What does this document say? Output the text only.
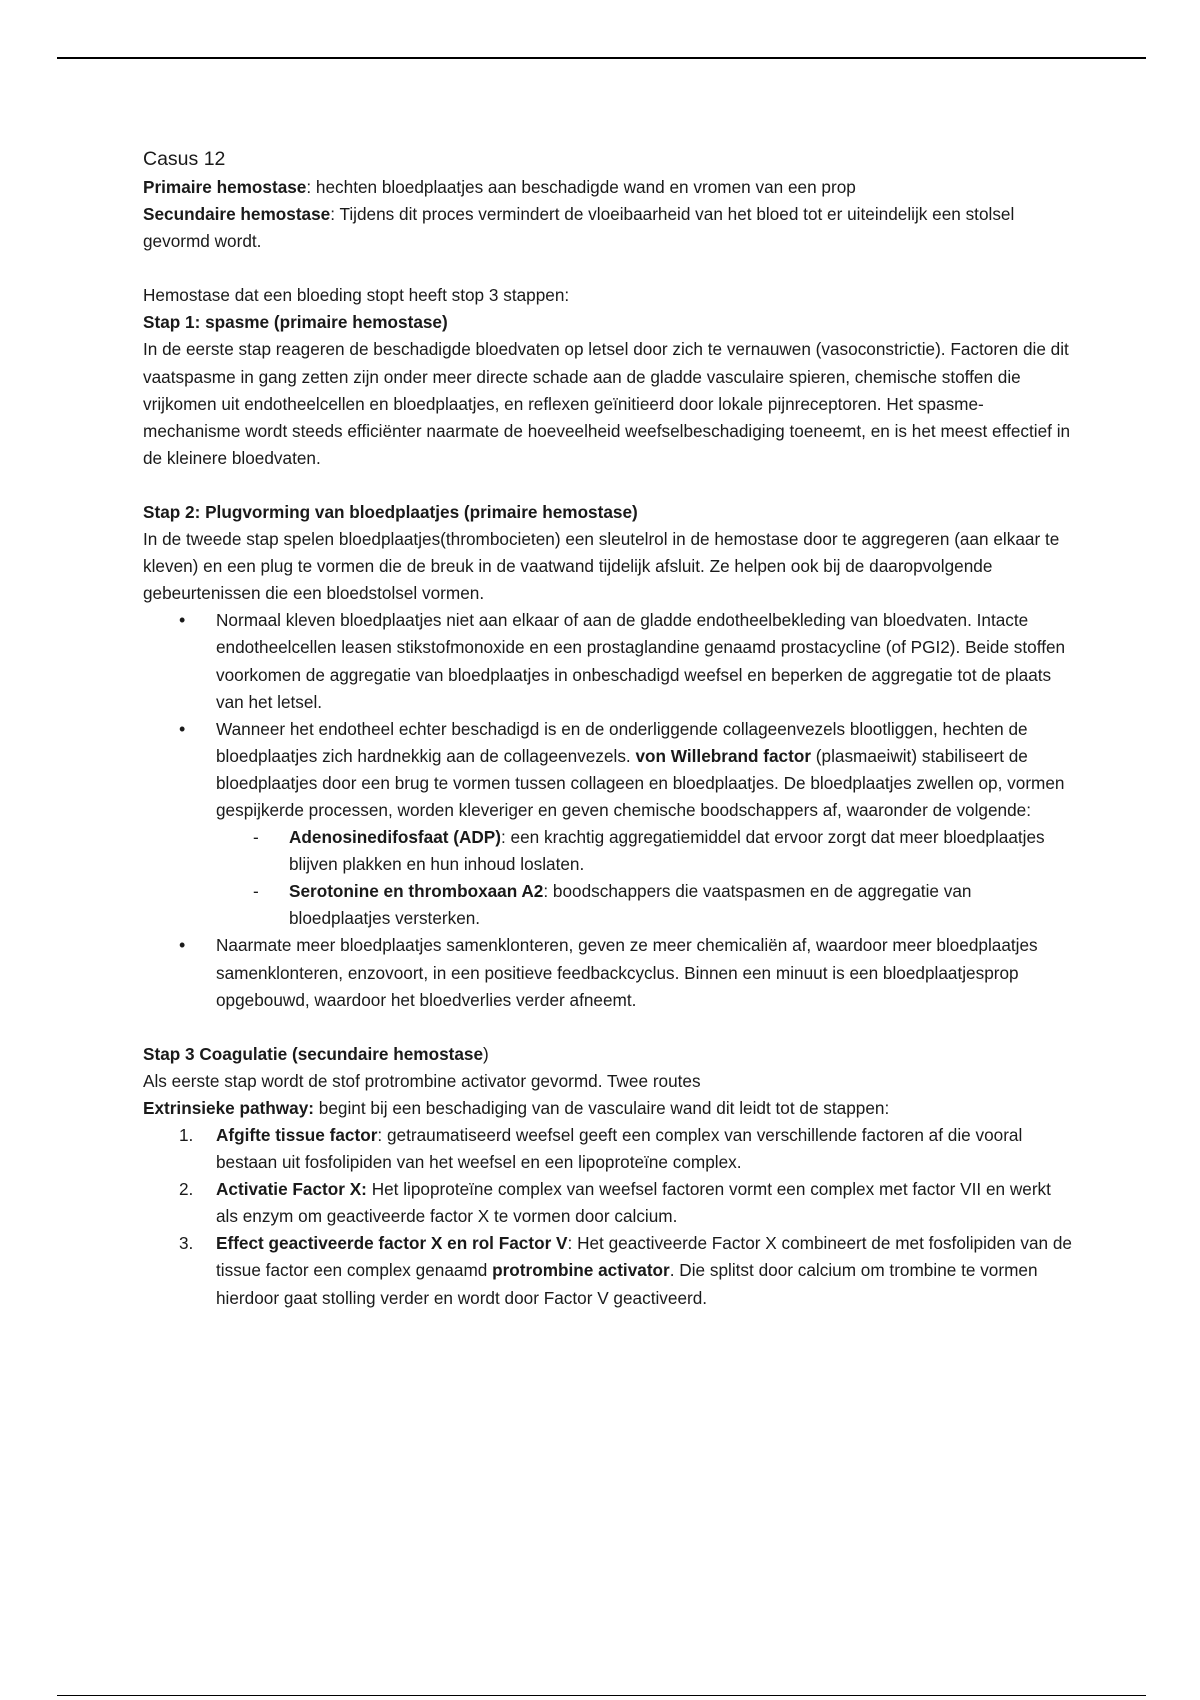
Casus 12

Primaire hemostase: hechten bloedplaatjes aan beschadigde wand en vromen van een prop

Secundaire hemostase: Tijdens dit proces vermindert de vloeibaarheid van het bloed tot er uiteindelijk een stolsel gevormd wordt.

Hemostase dat een bloeding stopt heeft stop 3 stappen:

Stap 1: spasme (primaire hemostase)

In de eerste stap reageren de beschadigde bloedvaten op letsel door zich te vernauwen (vasoconstrictie). Factoren die dit vaatspasme in gang zetten zijn onder meer directe schade aan de gladde vasculaire spieren, chemische stoffen die vrijkomen uit endotheelcellen en bloedplaatjes, en reflexen geïnitieerd door lokale pijnreceptoren. Het spasme-mechanisme wordt steeds efficiënter naarmate de hoeveelheid weefselbeschadiging toeneemt, en is het meest effectief in de kleinere bloedvaten.

Stap 2: Plugvorming van bloedplaatjes (primaire hemostase)

In de tweede stap spelen bloedplaatjes(thrombocieten) een sleutelrol in de hemostase door te aggregeren (aan elkaar te kleven) en een plug te vormen die de breuk in de vaatwand tijdelijk afsluit. Ze helpen ook bij de daaropvolgende gebeurtenissen die een bloedstolsel vormen.

• Normaal kleven bloedplaatjes niet aan elkaar of aan de gladde endotheelbekleding van bloedvaten. Intacte endotheelcellen leasen stikstofmonoxide en een prostaglandine genaamd prostacycline (of PGI2). Beide stoffen voorkomen de aggregatie van bloedplaatjes in onbeschadigd weefsel en beperken de aggregatie tot de plaats van het letsel.
• Wanneer het endotheel echter beschadigd is en de onderliggende collageenvezels blootliggen, hechten de bloedplaatjes zich hardnekkig aan de collageenvezels. von Willebrand factor (plasmaeiwit) stabiliseert de bloedplaatjes door een brug te vormen tussen collageen en bloedplaatjes. De bloedplaatjes zwellen op, vormen gespijkerde processen, worden kleveriger en geven chemische boodschappers af, waaronder de volgende:
- Adenosinedifosfaat (ADP): een krachtig aggregatiemiddel dat ervoor zorgt dat meer bloedplaatjes blijven plakken en hun inhoud loslaten.
- Serotonine en thromboxaan A2: boodschappers die vaatspasmen en de aggregatie van bloedplaatjes versterken.
• Naarmate meer bloedplaatjes samenklonteren, geven ze meer chemicaliën af, waardoor meer bloedplaatjes samenklonteren, enzovoort, in een positieve feedbackcyclus. Binnen een minuut is een bloedplaatjesprop opgebouwd, waardoor het bloedverlies verder afneemt.

Stap 3 Coagulatie (secundaire hemostase)

Als eerste stap wordt de stof protrombine activator gevormd. Twee routes

Extrinsieke pathway: begint bij een beschadiging van de vasculaire wand dit leidt tot de stappen:

1. Afgifte tissue factor: getraumatiseerd weefsel geeft een complex van verschillende factoren af die vooral bestaan uit fosfolipiden van het weefsel en een lipoproteïne complex.
2. Activatie Factor X: Het lipoproteïne complex van weefsel factoren vormt een complex met factor VII en werkt als enzym om geactiveerde factor X te vormen door calcium.
3. Effect geactiveerde factor X en rol Factor V: Het geactiveerde Factor X combineert de met fosfolipiden van de tissue factor een complex genaamd protrombine activator. Die splitst door calcium om trombine te vormen hierdoor gaat stolling verder en wordt door Factor V geactiveerd.
